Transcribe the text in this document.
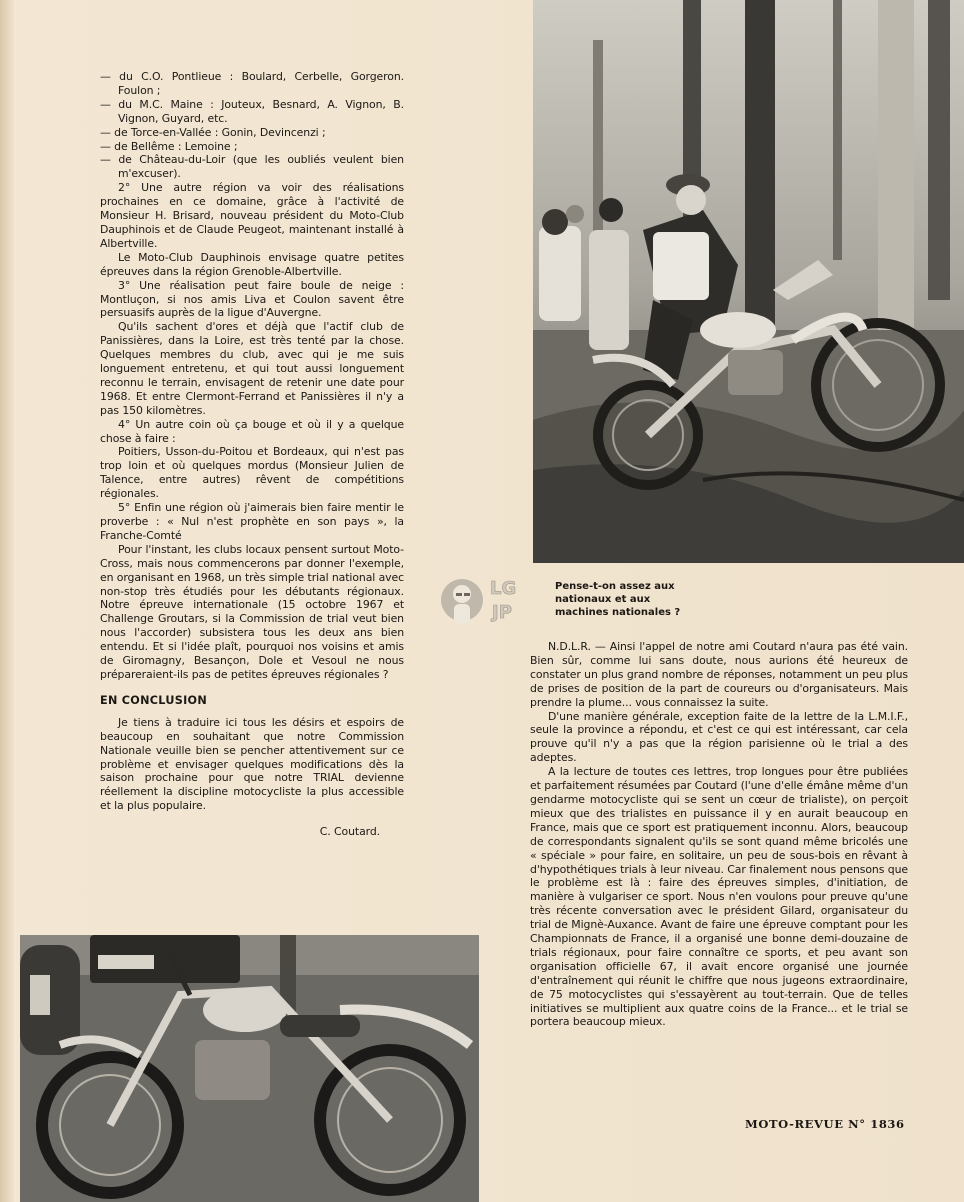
— du C.O. Pontlieue : Boulard, Cerbelle, Gorgeron. Foulon ;

— du M.C. Maine : Jouteux, Besnard, A. Vignon, B. Vignon, Guyard, etc.

— de Torce-en-Vallée : Gonin, Devincenzi ;

— de Bellême : Lemoine ;

— de Château-du-Loir (que les oubliés veulent bien m'excuser).

2° Une autre région va voir des réalisations prochaines en ce domaine, grâce à l'activité de Monsieur H. Brisard, nouveau président du Moto-Club Dauphinois et de Claude Peugeot, maintenant installé à Albertville.

Le Moto-Club Dauphinois envisage quatre petites épreuves dans la région Grenoble-Albertville.

3° Une réalisation peut faire boule de neige : Montluçon, si nos amis Liva et Coulon savent être persuasifs auprès de la ligue d'Auvergne.

Qu'ils sachent d'ores et déjà que l'actif club de Panissières, dans la Loire, est très tenté par la chose. Quelques membres du club, avec qui je me suis longuement entretenu, et qui tout aussi longuement reconnu le terrain, envisagent de retenir une date pour 1968. Et entre Clermont-Ferrand et Panissières il n'y a pas 150 kilomètres.

4° Un autre coin où ça bouge et où il y a quelque chose à faire :

Poitiers, Usson-du-Poitou et Bordeaux, qui n'est pas trop loin et où quelques mordus (Monsieur Julien de Talence, entre autres) rêvent de compétitions régionales.

5° Enfin une région où j'aimerais bien faire mentir le proverbe : « Nul n'est prophète en son pays », la Franche-Comté

Pour l'instant, les clubs locaux pensent surtout Moto-Cross, mais nous commencerons par donner l'exemple, en organisant en 1968, un très simple trial national avec non-stop très étudiés pour les débutants régionaux. Notre épreuve internationale (15 octobre 1967 et Challenge Groutars, si la Commission de trial veut bien nous l'accorder) subsistera tous les deux ans bien entendu. Et si l'idée plaît, pourquoi nos voisins et amis de Giromagny, Besançon, Dole et Vesoul ne nous prépareraient-ils pas de petites épreuves régionales ?

EN CONCLUSION

Je tiens à traduire ici tous les désirs et espoirs de beaucoup en souhaitant que notre Commission Nationale veuille bien se pencher attentivement sur ce problème et envisager quelques modifications dès la saison prochaine pour que notre TRIAL devienne réellement la discipline motocycliste la plus accessible et la plus populaire.

C. Coutard.

Pense-t-on assez aux nationaux et aux machines nationales ?
LG
JP

N.D.L.R. — Ainsi l'appel de notre ami Coutard n'aura pas été vain. Bien sûr, comme lui sans doute, nous aurions été heureux de constater un plus grand nombre de réponses, notamment un peu plus de prises de position de la part de coureurs ou d'organisateurs. Mais prendre la plume... vous connaissez la suite.

D'une manière générale, exception faite de la lettre de la L.M.I.F., seule la province a répondu, et c'est ce qui est intéressant, car cela prouve qu'il n'y a pas que la région parisienne où le trial a des adeptes.

A la lecture de toutes ces lettres, trop longues pour être publiées et parfaitement résumées par Coutard (l'une d'elle émâne même d'un gendarme motocycliste qui se sent un cœur de trialiste), on perçoit mieux que des trialistes en puissance il y en aurait beaucoup en France, mais que ce sport est pratiquement inconnu. Alors, beaucoup de correspondants signalent qu'ils se sont quand même bricolés une « spéciale » pour faire, en solitaire, un peu de sous-bois en rêvant à d'hypothétiques trials à leur niveau. Car finalement nous pensons que le problème est là : faire des épreuves simples, d'initiation, de manière à vulgariser ce sport. Nous n'en voulons pour preuve qu'une très récente conversation avec le président Gilard, organisateur du trial de Mignè-Auxance. Avant de faire une épreuve comptant pour les Championnats de France, il a organisé une bonne demi-douzaine de trials régionaux, pour faire connaître ce sports, et peu avant son organisation officielle 67, il avait encore organisé une journée d'entraînement qui réunit le chiffre que nous jugeons extraordinaire, de 75 motocyclistes qui s'essayèrent au tout-terrain. Que de telles initiatives se multiplient aux quatre coins de la France... et le trial se portera beaucoup mieux.

MOTO-REVUE N° 1836
